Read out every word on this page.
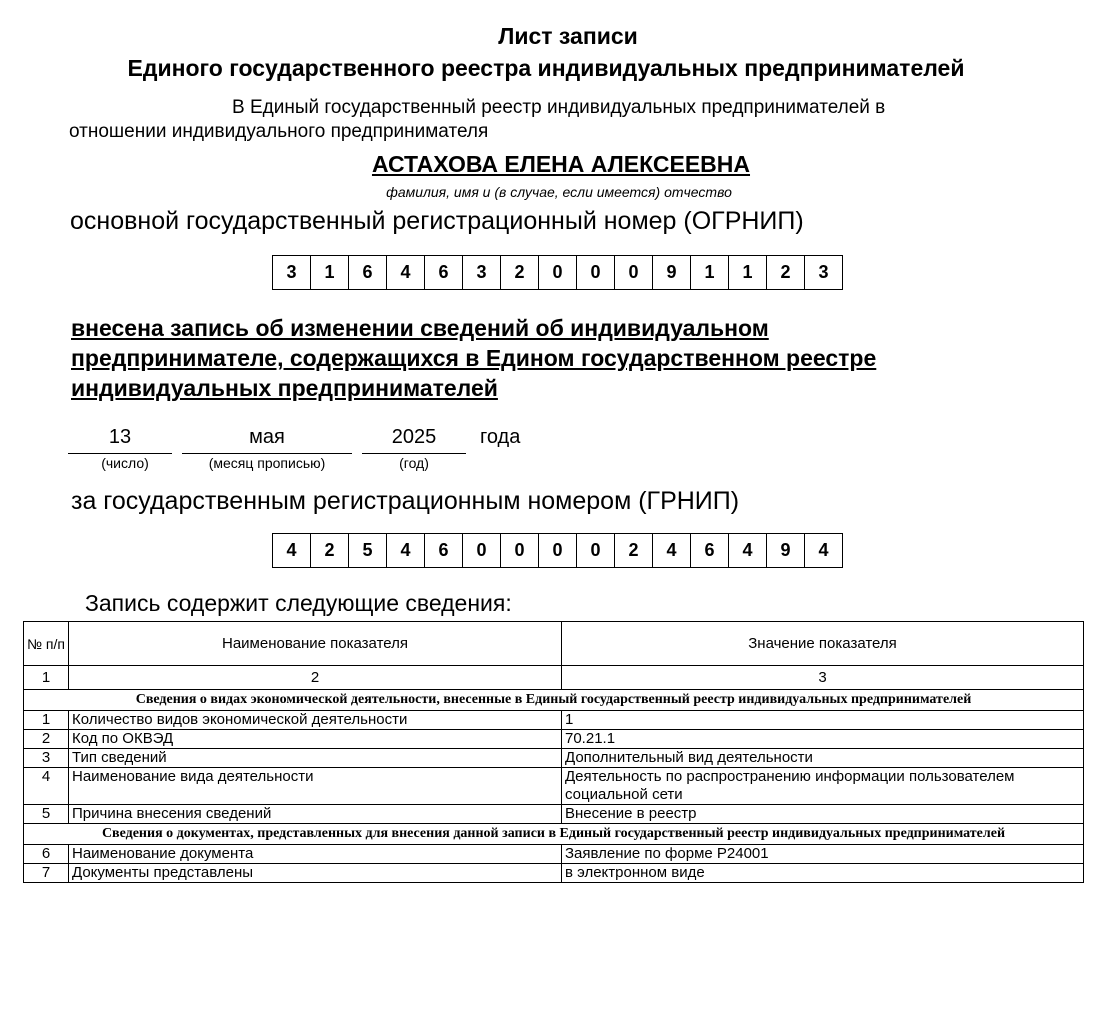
Лист записи
Единого государственного реестра индивидуальных предпринимателей
В Единый государственный реестр индивидуальных предпринимателей в
отношении индивидуального предпринимателя
АСТАХОВА ЕЛЕНА АЛЕКСЕЕВНА
фамилия, имя и (в случае, если имеется) отчество
основной государственный регистрационный номер (ОГРНИП)
3	1	6	4	6	3	2	0	0	0	9	1	1	2	3
внесена запись об изменении сведений об индивидуальном
предпринимателе, содержащихся в Едином государственном реестре
индивидуальных предпринимателей
13	мая	2025	года
(число)	(месяц прописью)	(год)
за государственным регистрационным номером (ГРНИП)
4	2	5	4	6	0	0	0	0	2	4	6	4	9	4
Запись содержит следующие сведения:
№ п/п	Наименование показателя	Значение показателя
1	2	3
Сведения о видах экономической деятельности, внесенные в Единый государственный реестр индивидуальных предпринимателей		
1	Количество видов экономической деятельности	1
2	Код по ОКВЭД	70.21.1
3	Тип сведений	Дополнительный вид деятельности
4	Наименование вида деятельности	Деятельность по распространению информации пользователем социальной сети
5	Причина внесения сведений	Внесение в реестр
Сведения о документах, представленных для внесения данной записи в Единый государственный реестр индивидуальных предпринимателей		
6	Наименование документа	Заявление по форме Р24001
7	Документы представлены	в электронном виде
